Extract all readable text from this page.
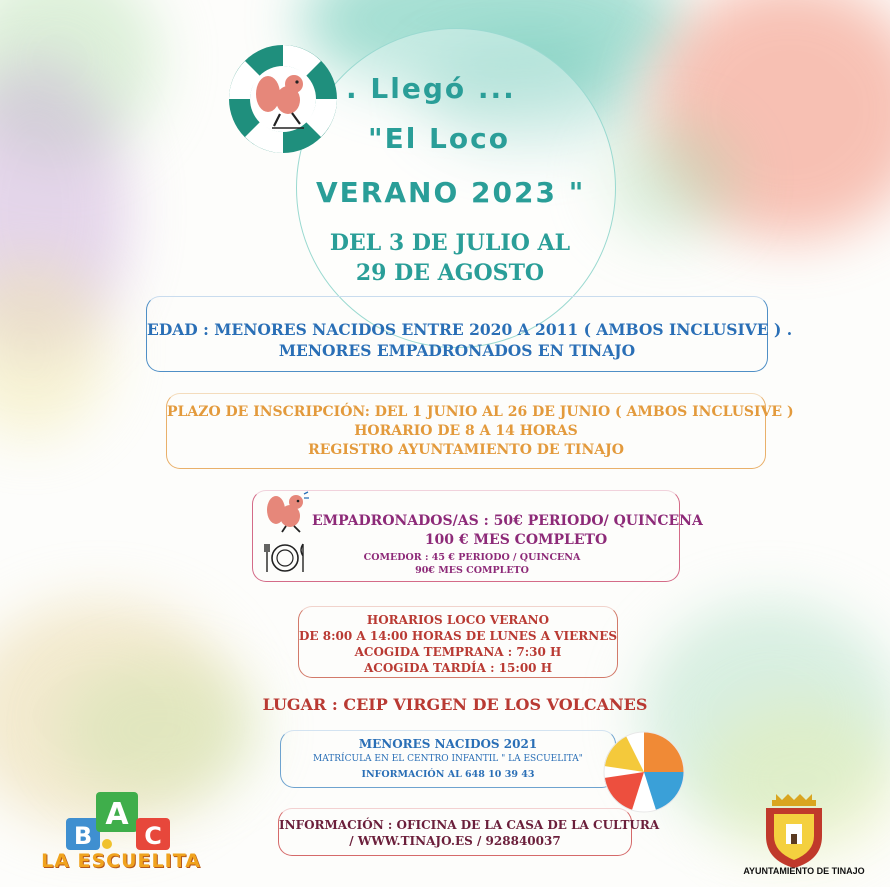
. Llegó ...
"El Loco
VERANO 2023 "
DEL 3 DE JULIO AL
29 DE AGOSTO
EDAD : MENORES NACIDOS ENTRE 2020 A 2011 ( AMBOS INCLUSIVE ) .
MENORES EMPADRONADOS EN TINAJO
PLAZO DE INSCRIPCIÓN: DEL 1 JUNIO AL 26 DE JUNIO ( AMBOS INCLUSIVE )
HORARIO DE 8 A 14 HORAS
REGISTRO AYUNTAMIENTO DE TINAJO
EMPADRONADOS/AS : 50€ PERIODO/ QUINCENA
100 € MES COMPLETO
COMEDOR : 45 € PERIODO / QUINCENA
90€ MES COMPLETO
HORARIOS LOCO VERANO
DE 8:00 A 14:00 HORAS DE LUNES A VIERNES
ACOGIDA TEMPRANA : 7:30 H
ACOGIDA TARDÍA : 15:00 H
LUGAR : CEIP VIRGEN DE LOS VOLCANES
MENORES NACIDOS 2021
MATRÍCULA EN EL CENTRO INFANTIL " LA ESCUELITA"
INFORMACIÓN AL 648 10 39 43
INFORMACIÓN : OFICINA DE LA CASA DE LA CULTURA
/ WWW.TINAJO.ES / 928840037
B
A
C
LA ESCUELITA	AYUNTAMIENTO DE TINAJO
